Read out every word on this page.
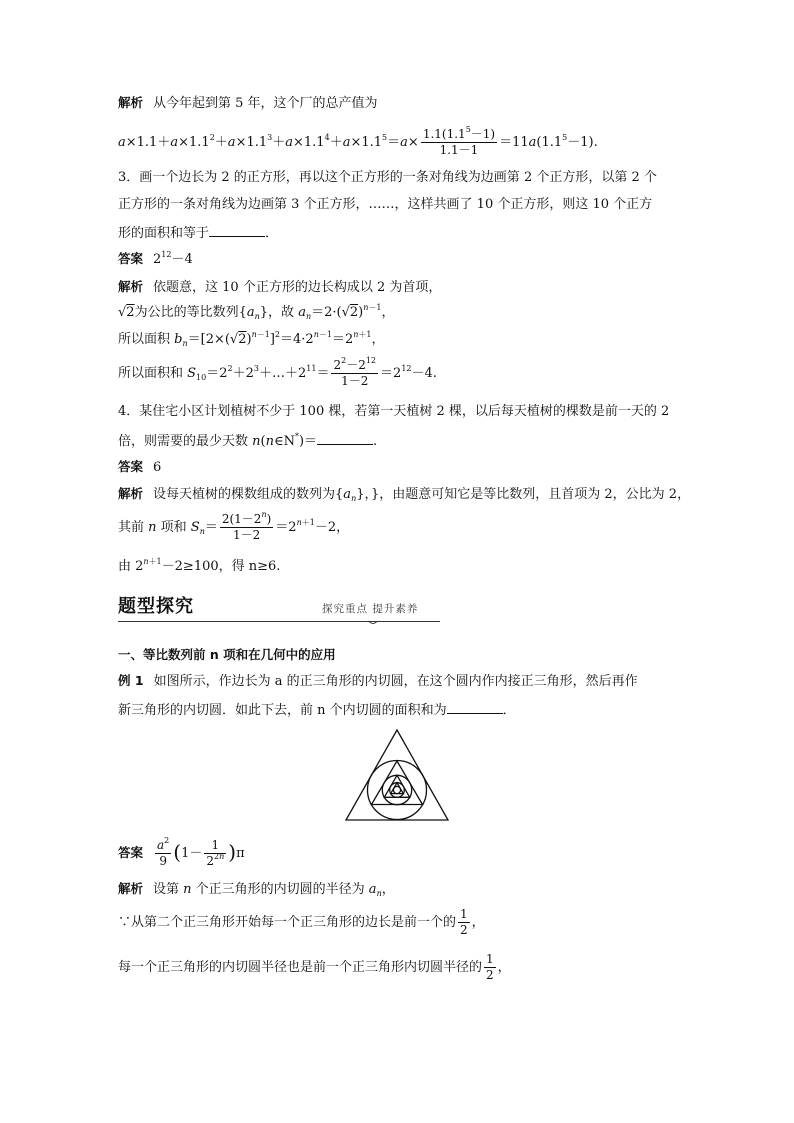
解析 从今年起到第 5 年，这个厂的总产值为
$a\times 1.1+a\times 1.1^2+a\times 1.1^3+a\times 1.1^4+a\times 1.1^5=a\times \frac{1.1(1.1^5-1)}{1.1-1} =11a(1.1^5-1)$.
3．画一个边长为 2 的正方形，再以这个正方形的一条对角线为边画第 2 个正方形，以第 2 个
正方形的一条对角线为边画第 3 个正方形，……，这样共画了 10 个正方形，则这 10 个正方
形的面积和等于	．
答案 $2^{12}-4$
解析 依题意，这 10 个正方形的边长构成以 2 为首项，
√2为公比的等比数列$\{a_n\}$，故 $a_n=2\cdot(√2)^{n-1}$，
所以面积 $b_n=[2\times(√2)^{n-1}]^2=4\cdot 2^{n-1}=2^{n+1}$，
所以面积和 $S_{10}=2^2+2^3+\dots+2^{11}= \frac{2^2-2^{12}}{1-2} =2^{12}-4$.
4．某住宅小区计划植树不少于 100 棵，若第一天植树 2 棵，以后每天植树的棵数是前一天的 2
倍，则需要的最少天数 n(n∈N*)＝	.
答案 6
解析 设每天植树的棵数组成的数列为$\{a_n\}$，}，由题意可知它是等比数列，且首项为 2，公比为 2，
其前 n 项和 $S_n= \frac{2(1-2^n)}{1-2} =2^{n+1}-2$，
由 $2^{n+1}-2\ge 100$，得 n≥6.
题型探究	探究重点 提升素养
一、等比数列前 n 项和在几何中的应用
例 1 如图所示，作边长为 a 的正三角形的内切圆，在这个圆内作内接正三角形，然后再作
新三角形的内切圆．如此下去，前 n 个内切圆的面积和为	．
答案 $\frac{a^2}{9} (1- \frac{1}{2^{2n}} )\pi$
解析 设第 n 个正三角形的内切圆的半径为 $a_n$，
∵从第二个正三角形开始每一个正三角形的边长是前一个的 $\frac{1}{2}$ ，
每一个正三角形的内切圆半径也是前一个正三角形内切圆半径的 $\frac{1}{2}$ ，
